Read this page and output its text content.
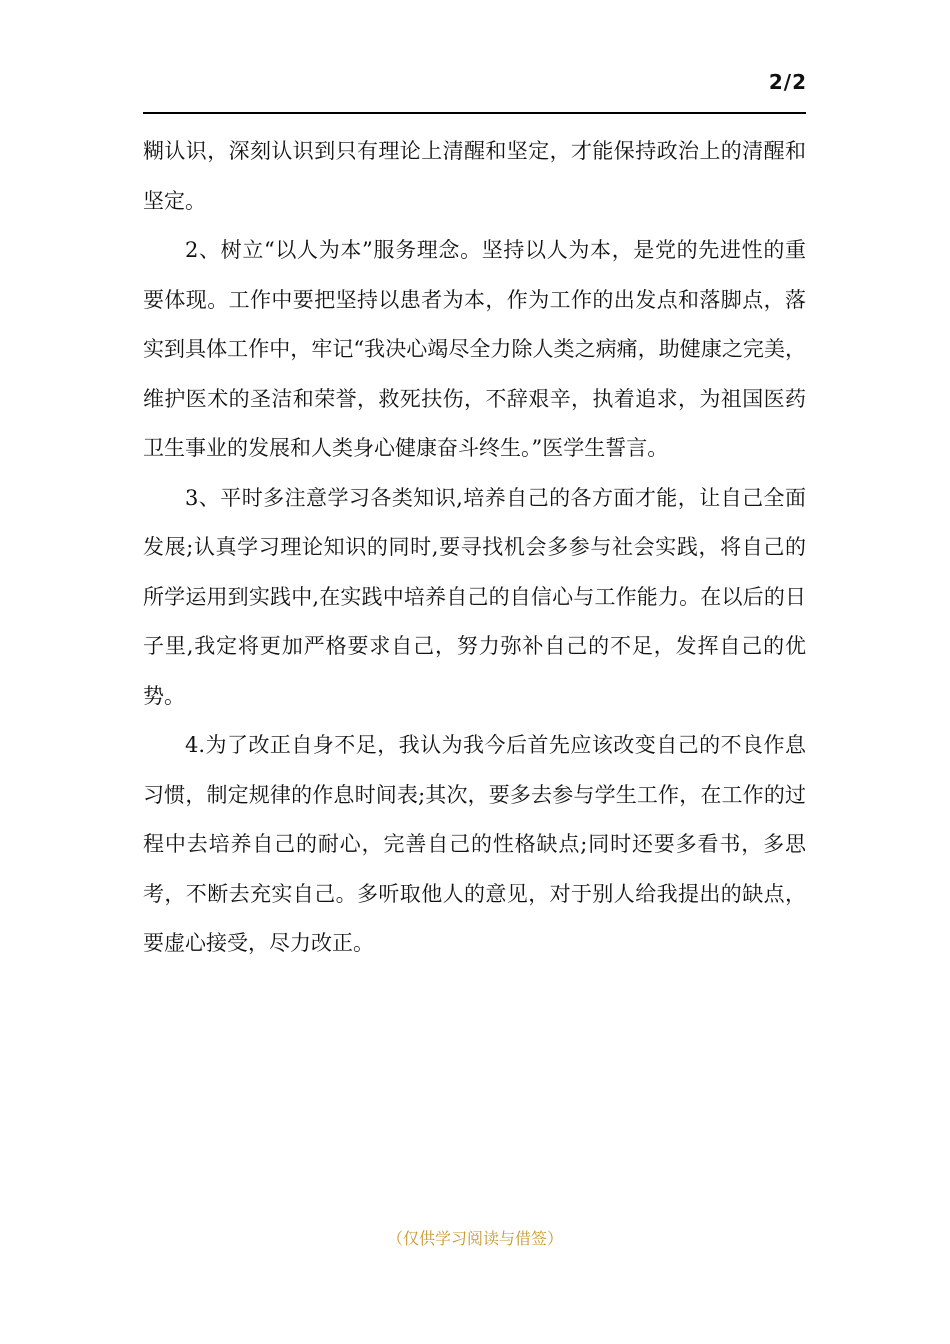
2/2

糊认识，深刻认识到只有理论上清醒和坚定，才能保持政治上的清醒和坚定。

2、树立“以人为本”服务理念。坚持以人为本，是党的先进性的重要体现。工作中要把坚持以患者为本，作为工作的出发点和落脚点，落实到具体工作中，牢记“我决心竭尽全力除人类之病痛，助健康之完美，维护医术的圣洁和荣誉，救死扶伤，不辞艰辛，执着追求，为祖国医药卫生事业的发展和人类身心健康奋斗终生。”医学生誓言。

3、平时多注意学习各类知识,培养自己的各方面才能，让自己全面发展;认真学习理论知识的同时,要寻找机会多参与社会实践，将自己的所学运用到实践中,在实践中培养自己的自信心与工作能力。在以后的日子里,我定将更加严格要求自己，努力弥补自己的不足，发挥自己的优势。

4.为了改正自身不足，我认为我今后首先应该改变自己的不良作息习惯，制定规律的作息时间表;其次，要多去参与学生工作，在工作的过程中去培养自己的耐心，完善自己的性格缺点;同时还要多看书，多思考，不断去充实自己。多听取他人的意见，对于别人给我提出的缺点，要虚心接受，尽力改正。

（仅供学习阅读与借签）
